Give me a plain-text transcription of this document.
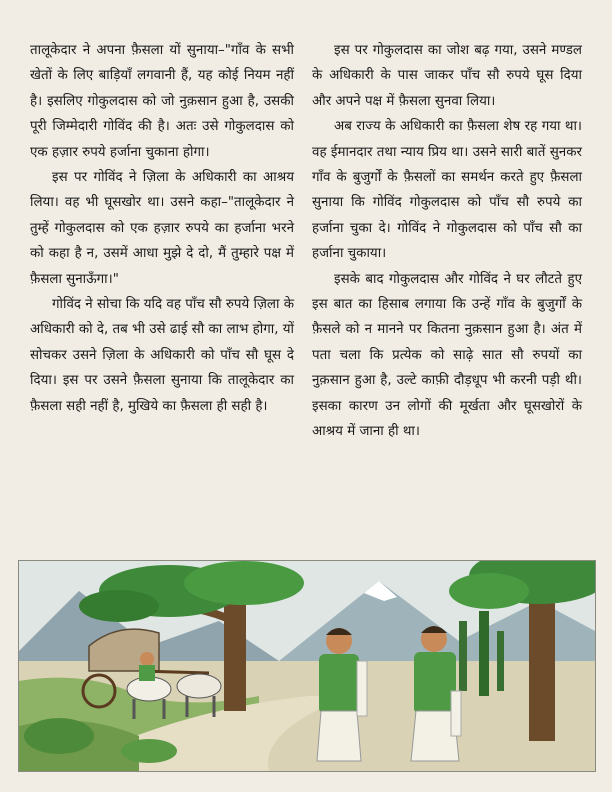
तालूकेदार ने अपना फ़ैसला यों सुनाया–"गाँव के सभी खेतों के लिए बाड़ियाँ लगवानी हैं, यह कोई नियम नहीं है। इसलिए गोकुलदास को जो नुक़सान हुआ है, उसकी पूरी जिम्मेदारी गोविंद की है। अतः उसे गोकुलदास को एक हज़ार रुपये हर्जाना चुकाना होगा।

इस पर गोविंद ने ज़िला के अधिकारी का आश्रय लिया। वह भी घूसखोर था। उसने कहा–"तालूकेदार ने तुम्हें गोकुलदास को एक हज़ार रुपये का हर्जाना भरने को कहा है न, उसमें आधा मुझे दे दो, मैं तुम्हारे पक्ष में फ़ैसला सुनाऊँगा।"

गोविंद ने सोचा कि यदि वह पाँच सौ रुपये ज़िला के अधिकारी को दे, तब भी उसे ढाई सौ का लाभ होगा, यों सोचकर उसने ज़िला के अधिकारी को पाँच सौ घूस दे दिया। इस पर उसने फ़ैसला सुनाया कि तालूकेदार का फ़ैसला सही नहीं है, मुखिये का फ़ैसला ही सही है।

इस पर गोकुलदास का जोश बढ़ गया, उसने मण्डल के अधिकारी के पास जाकर पाँच सौ रुपये घूस दिया और अपने पक्ष में फ़ैसला सुनवा लिया।

अब राज्य के अधिकारी का फ़ैसला शेष रह गया था। वह ईमानदार तथा न्याय प्रिय था। उसने सारी बातें सुनकर गाँव के बुजुर्गों के फ़ैसलों का समर्थन करते हुए फ़ैसला सुनाया कि गोविंद गोकुलदास को पाँच सौ रुपये का हर्जाना चुका दे। गोविंद ने गोकुलदास को पाँच सौ का हर्जाना चुकाया।

इसके बाद गोकुलदास और गोविंद ने घर लौटते हुए इस बात का हिसाब लगाया कि उन्हें गाँव के बुजुर्गों के फ़ैसले को न मानने पर कितना नुक़सान हुआ है। अंत में पता चला कि प्रत्येक को साढ़े सात सौ रुपयों का नुक़सान हुआ है, उल्टे काफ़ी दौड़धूप भी करनी पड़ी थी। इसका कारण उन लोगों की मूर्खता और घूसखोरों के आश्रय में जाना ही था।
